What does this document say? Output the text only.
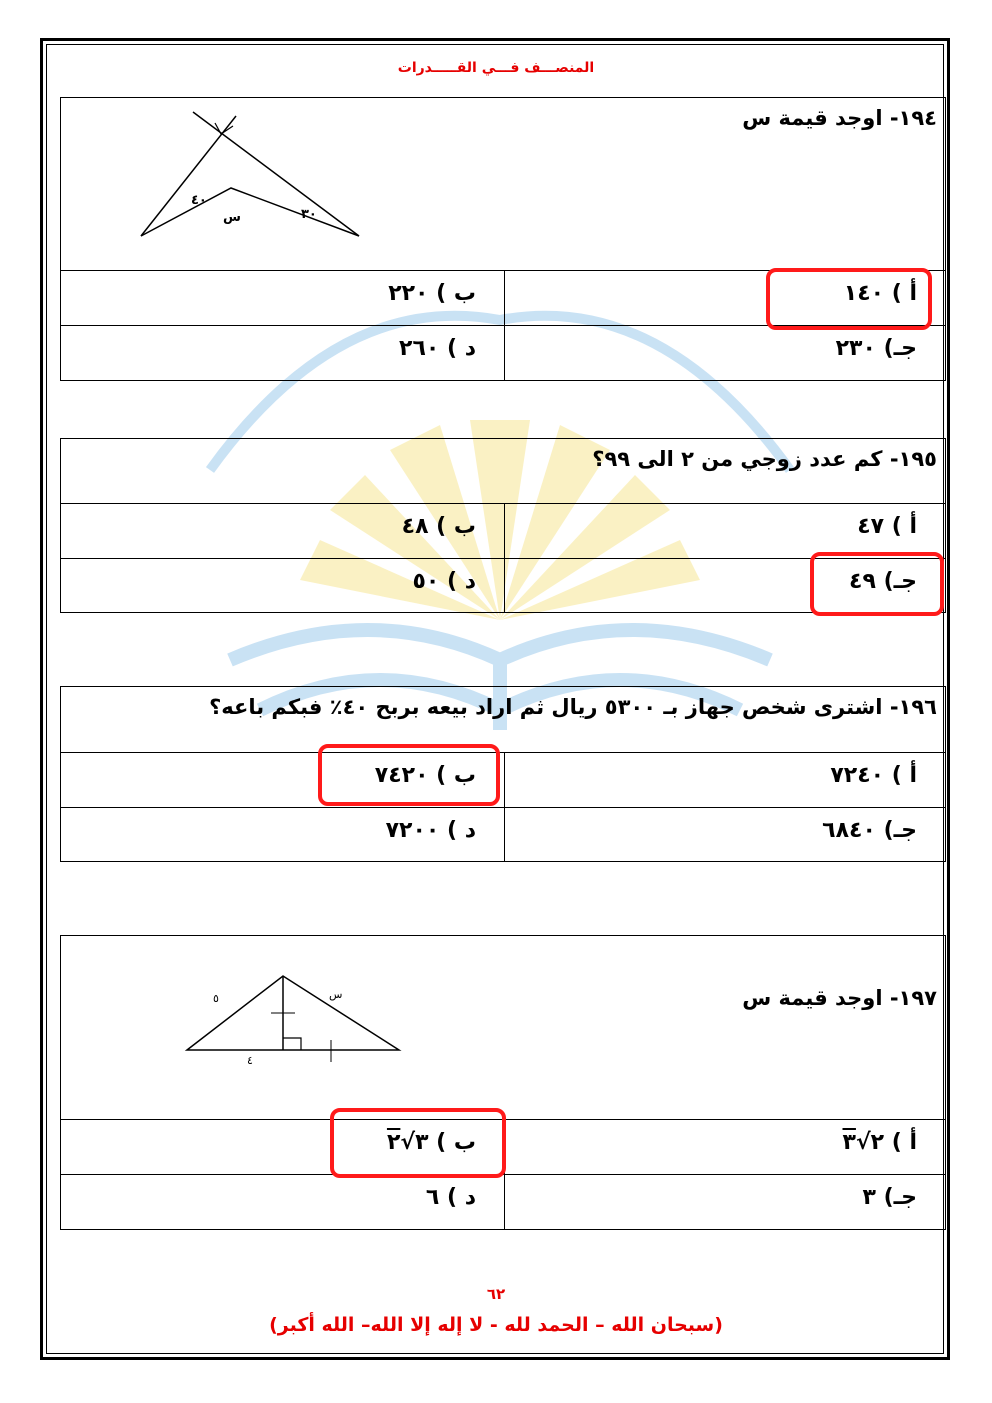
المنصـــف فـــي القـــــدرات
١٩٤- اوجد قيمة س
٤٠
س	٣٠
أ ) ١٤٠
ب ) ٢٢٠
جـ) ٢٣٠
د ) ٢٦٠
١٩٥- كم عدد زوجي من ٢ الى ٩٩؟
أ ) ٤٧
ب ) ٤٨
جـ) ٤٩
د ) ٥٠
١٩٦- اشترى شخص جهاز بـ ٥٣٠٠ ريال ثم اراد بيعه بربح ٤٠٪ فبكم باعه؟
أ ) ٧٢٤٠
ب ) ٧٤٢٠
جـ) ٦٨٤٠
د ) ٧٢٠٠
١٩٧- اوجد قيمة س
٥	س
٤
أ ) ٢√٣
ب ) ٣√٢
جـ) ٣
د ) ٦
٦٢
(سبحان الله – الحمد لله - لا إله إلا الله– الله أكبر)
